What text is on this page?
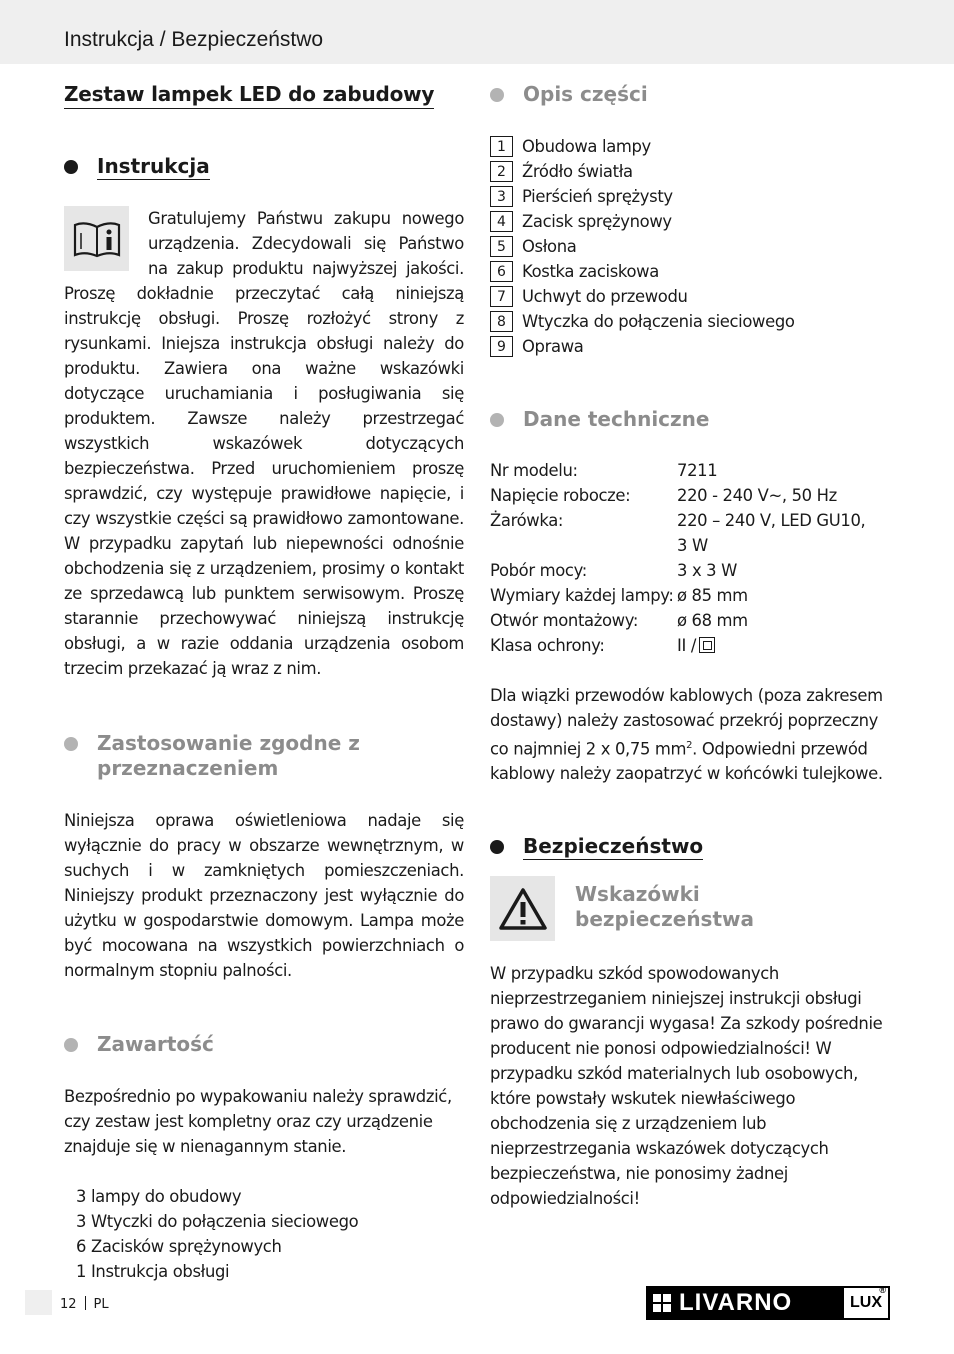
Instrukcja / Bezpieczeństwo
Zestaw lampek LED do zabudowy
Instrukcja

Gratulujemy Państwu zakupu nowego urządzenia. Zdecydowali się Państwo na zakup produktu najwyższej jakości. Proszę dokładnie przeczytać całą niniejszą instrukcję obsługi. Proszę rozłożyć strony z rysunkami. Iniejsza instrukcja obsługi należy do produktu. Zawiera ona ważne wskazówki dotyczące uruchamiania i posługiwania się produktem. Zawsze należy przestrzegać wszystkich wskazówek dotyczących bezpieczeństwa. Przed uruchomieniem proszę sprawdzić, czy występuje prawidłowe napięcie, i czy wszystkie części są prawidłowo zamontowane. W przypadku zapytań lub niepewności odnośnie obchodzenia się z urządzeniem, prosimy o kontakt ze sprzedawcą lub punktem serwisowym. Proszę starannie przechowywać niniejszą instrukcję obsługi, a w razie oddania urządzenia osobom trzecim przekazać ją wraz z nim.

Zastosowanie zgodne z przeznaczeniem

Niniejsza oprawa oświetleniowa nadaje się wyłącznie do pracy w obszarze wewnętrznym, w suchych i w zamkniętych pomieszczeniach. Niniejszy produkt przeznaczony jest wyłącznie do użytku w gospodarstwie domowym. Lampa może być mocowana na wszystkich powierzchniach o normalnym stopniu palności.

Zawartość

Bezpośrednio po wypakowaniu należy sprawdzić, czy zestaw jest kompletny oraz czy urządzenie znajduje się w nienagannym stanie.

3 lampy do obudowy
3 Wtyczki do połączenia sieciowego
6 Zacisków sprężynowych
1 Instrukcja obsługi
Opis części
1 Obudowa lampy
2 Źródło światła
3 Pierścień sprężysty
4 Zacisk sprężynowy
5 Osłona
6 Kostka zaciskowa
7 Uchwyt do przewodu
8 Wtyczka do połączenia sieciowego
9 Oprawa
Dane techniczne
Nr modelu:	7211
Napięcie robocze:	220 - 240 V~, 50 Hz
Żarówka:	220 – 240 V, LED GU10, 3 W
Pobór mocy:	3 x 3 W
Wymiary każdej lampy: ø 85 mm
Otwór montażowy:	ø 68 mm
Klasa ochrony:	II /

Dla wiązki przewodów kablowych (poza zakresem dostawy) należy zastosować przekrój poprzeczny co najmniej 2 x 0,75 $mm^2$. Odpowiedni przewód kablowy należy zaopatrzyć w końcówki tulejkowe.

Bezpieczeństwo
Wskazówki
bezpieczeństwa

W przypadku szkód spowodowanych nieprzestrzeganiem niniejszej instrukcji obsługi prawo do gwarancji wygasa! Za szkody pośrednie producent nie ponosi odpowiedzialności! W przypadku szkód materialnych lub osobowych, które powstały wskutek niewłaściwego obchodzenia się z urządzeniem lub nieprzestrzegania wskazówek dotyczących bezpieczeństwa, nie ponosimy żadnej odpowiedzialności!

12 PL	LIVARNO	LUX
®
